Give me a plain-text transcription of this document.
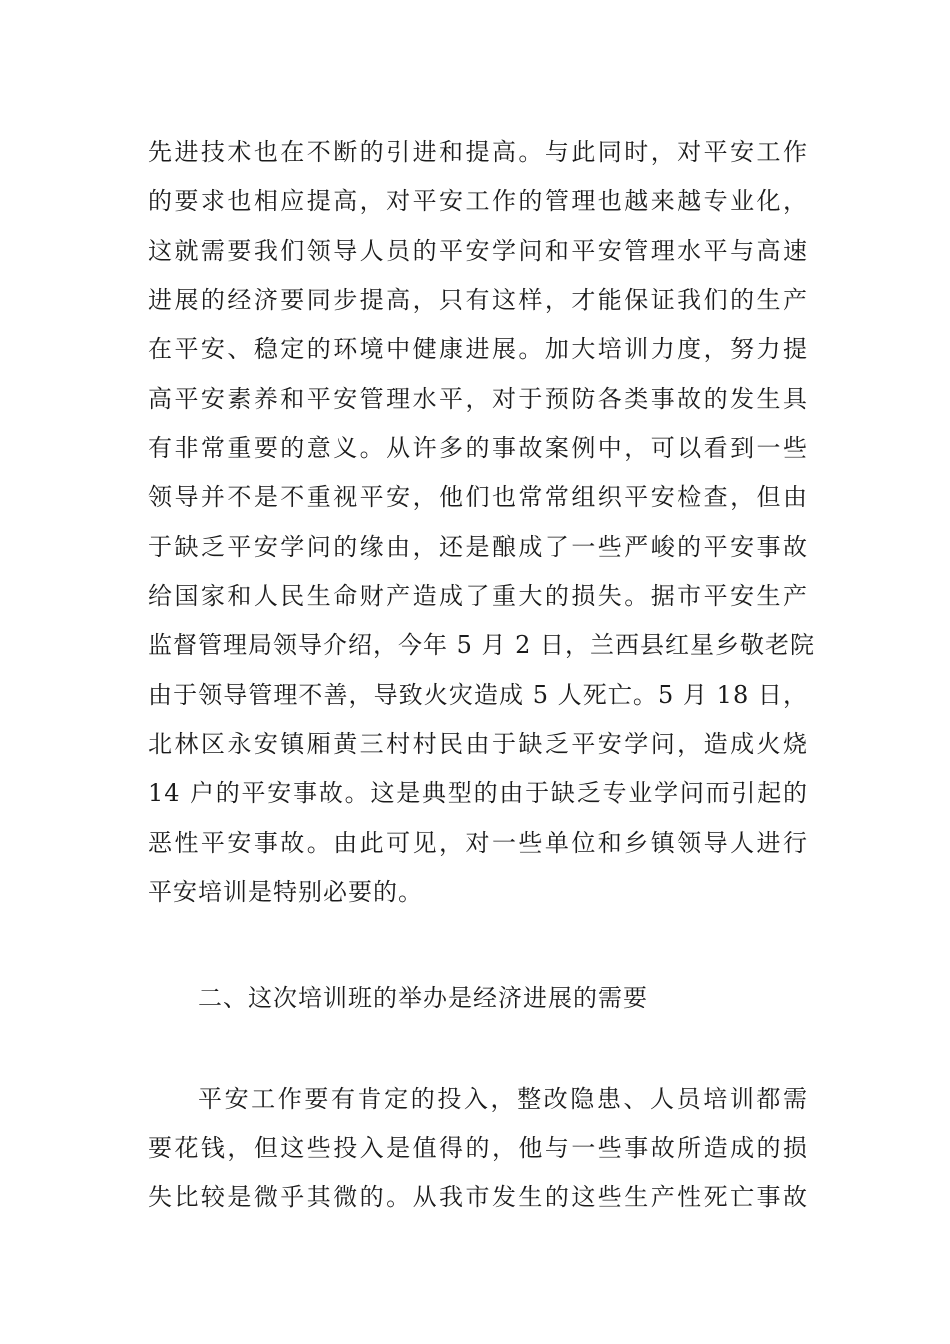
先进技术也在不断的引进和提高。与此同时，对平安工作
的要求也相应提高，对平安工作的管理也越来越专业化，
这就需要我们领导人员的平安学问和平安管理水平与高速
进展的经济要同步提高，只有这样，才能保证我们的生产
在平安、稳定的环境中健康进展。加大培训力度，努力提
高平安素养和平安管理水平，对于预防各类事故的发生具
有非常重要的意义。从许多的事故案例中，可以看到一些
领导并不是不重视平安，他们也常常组织平安检查，但由
于缺乏平安学问的缘由，还是酿成了一些严峻的平安事故
给国家和人民生命财产造成了重大的损失。据市平安生产
监督管理局领导介绍，今年 5 月 2 日，兰西县红星乡敬老院
由于领导管理不善，导致火灾造成 5 人死亡。5 月 18 日，
北林区永安镇厢黄三村村民由于缺乏平安学问，造成火烧
14 户的平安事故。这是典型的由于缺乏专业学问而引起的
恶性平安事故。由此可见，对一些单位和乡镇领导人进行
平安培训是特别必要的。
二、这次培训班的举办是经济进展的需要
平安工作要有肯定的投入，整改隐患、人员培训都需
要花钱，但这些投入是值得的，他与一些事故所造成的损
失比较是微乎其微的。从我市发生的这些生产性死亡事故
